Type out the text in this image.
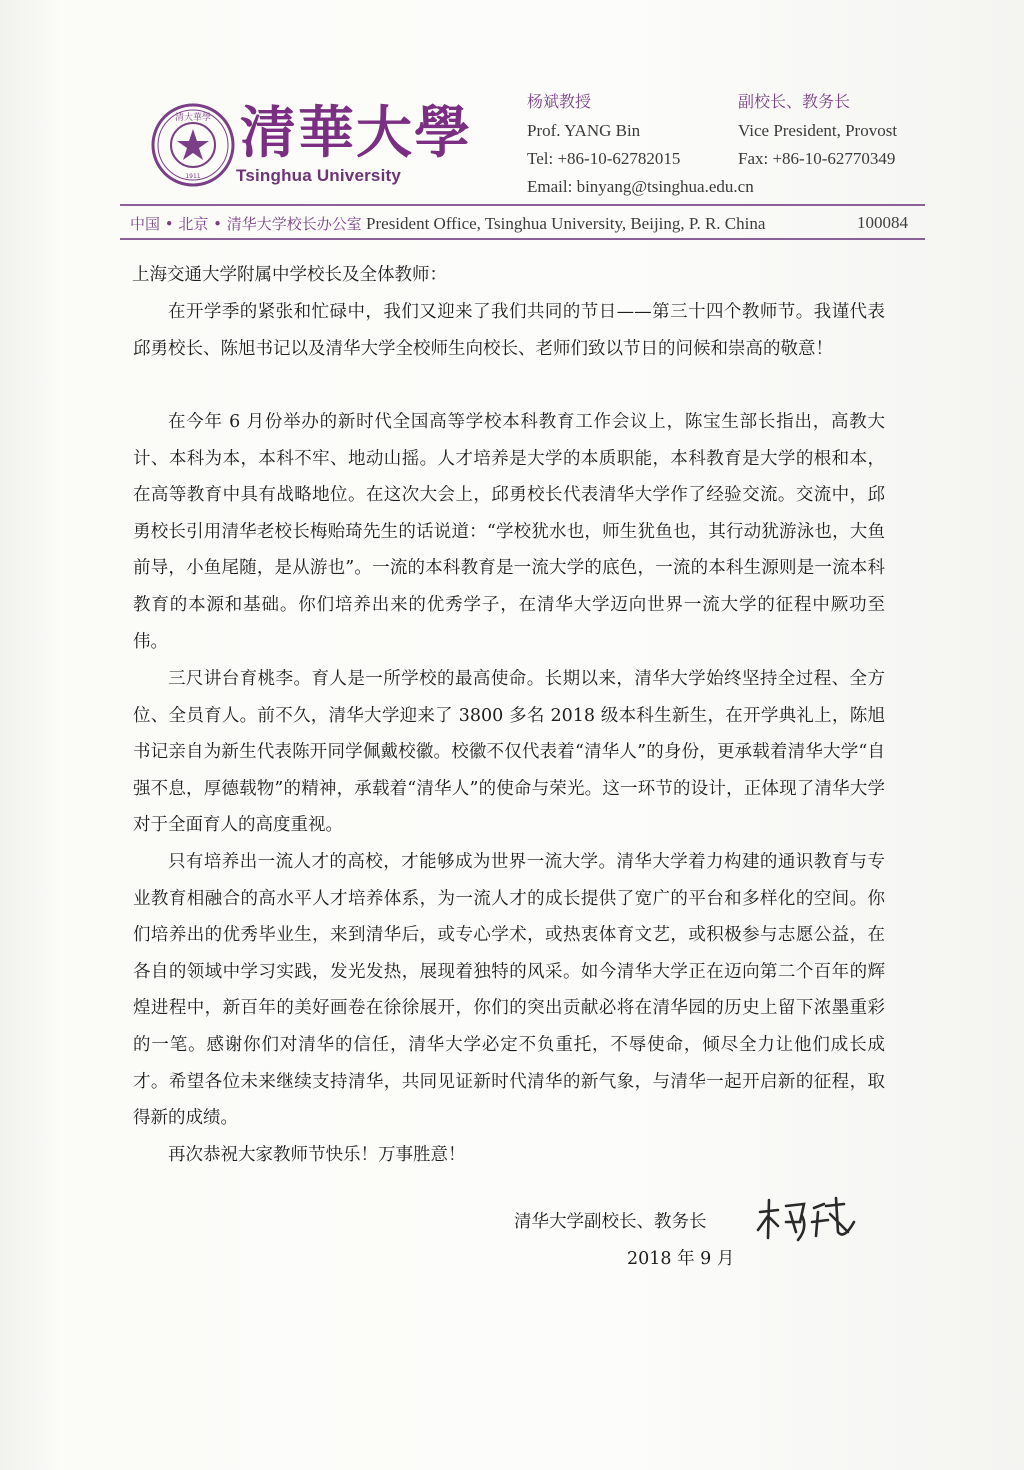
清大華學
1911
清華大學
Tsinghua University
杨斌教授	副校长、教务长
Prof. YANG Bin	Vice President, Provost
Tel: +86-10-62782015	Fax: +86-10-62770349
Email: binyang@tsinghua.edu.cn
中国 • 北京 • 清华大学校长办公室 President Office, Tsinghua University, Beijing, P. R. China	100084
上海交通大学附属中学校长及全体教师：

在开学季的紧张和忙碌中，我们又迎来了我们共同的节日——第三十四个教师节。我谨代表邱勇校长、陈旭书记以及清华大学全校师生向校长、老师们致以节日的问候和崇高的敬意！

在今年 6 月份举办的新时代全国高等学校本科教育工作会议上，陈宝生部长指出，高教大计、本科为本，本科不牢、地动山摇。人才培养是大学的本质职能，本科教育是大学的根和本，在高等教育中具有战略地位。在这次大会上，邱勇校长代表清华大学作了经验交流。交流中，邱勇校长引用清华老校长梅贻琦先生的话说道：“学校犹水也，师生犹鱼也，其行动犹游泳也，大鱼前导，小鱼尾随，是从游也”。一流的本科教育是一流大学的底色，一流的本科生源则是一流本科教育的本源和基础。你们培养出来的优秀学子，在清华大学迈向世界一流大学的征程中厥功至伟。

三尺讲台育桃李。育人是一所学校的最高使命。长期以来，清华大学始终坚持全过程、全方位、全员育人。前不久，清华大学迎来了 3800 多名 2018 级本科生新生，在开学典礼上，陈旭书记亲自为新生代表陈开同学佩戴校徽。校徽不仅代表着“清华人”的身份，更承载着清华大学“自强不息，厚德载物”的精神，承载着“清华人”的使命与荣光。这一环节的设计，正体现了清华大学对于全面育人的高度重视。

只有培养出一流人才的高校，才能够成为世界一流大学。清华大学着力构建的通识教育与专业教育相融合的高水平人才培养体系，为一流人才的成长提供了宽广的平台和多样化的空间。你们培养出的优秀毕业生，来到清华后，或专心学术，或热衷体育文艺，或积极参与志愿公益，在各自的领域中学习实践，发光发热，展现着独特的风采。如今清华大学正在迈向第二个百年的辉煌进程中，新百年的美好画卷在徐徐展开，你们的突出贡献必将在清华园的历史上留下浓墨重彩的一笔。感谢你们对清华的信任，清华大学必定不负重托，不辱使命，倾尽全力让他们成长成才。希望各位未来继续支持清华，共同见证新时代清华的新气象，与清华一起开启新的征程，取得新的成绩。

再次恭祝大家教师节快乐！万事胜意！

清华大学副校长、教务长
2018 年 9 月
